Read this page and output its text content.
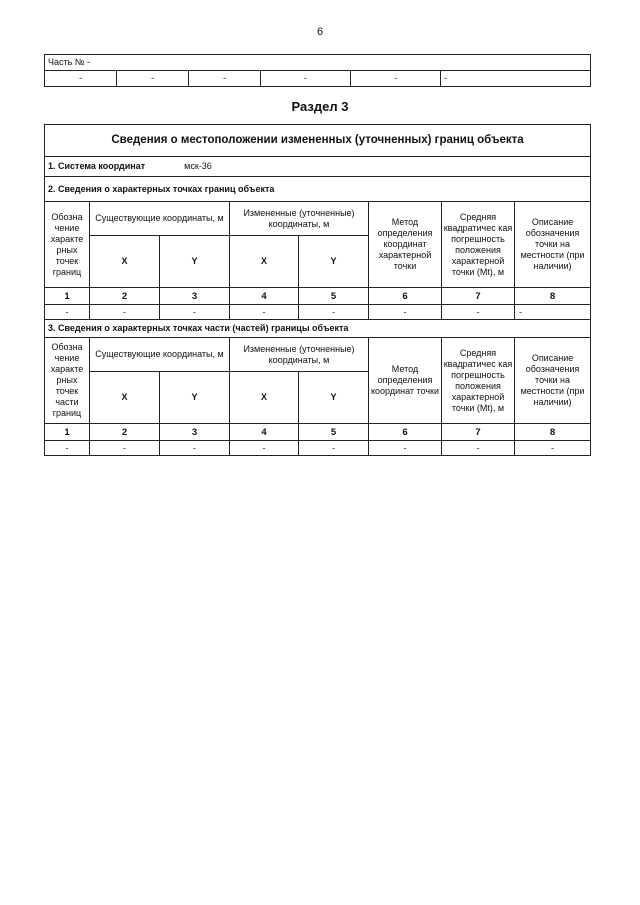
6
Часть № -
-	-	-	-	-	-
Раздел 3
Сведения о местоположении измененных (уточненных) границ объекта							
1. Система координат мск-36							
2. Сведения о характерных точках границ объекта							
Обозна чение характе рных точек границ	Существующие координаты, м		Измененные (уточненные) координаты, м		Метод определения координат характерной точки	Средняя квадратичес кая погрешность положения характерной точки (Mt), м	Описание обозначения точки на местности (при наличии)
	X	Y	X	Y			
1	2	3	4	5	6	7	8
-	-	-	-	-	-	-	-
3. Сведения о характерных точках части (частей) границы объекта							
Обозна чение характе рных точек части границ	Существующие координаты, м		Измененные (уточненные) координаты, м		Метод определения координат точки	Средняя квадратичес кая погрешность положения характерной точки (Mt), м	Описание обозначения точки на местности (при наличии)
	X	Y	X	Y			
1	2	3	4	5	6	7	8
-	-	-	-	-	-	-	-
